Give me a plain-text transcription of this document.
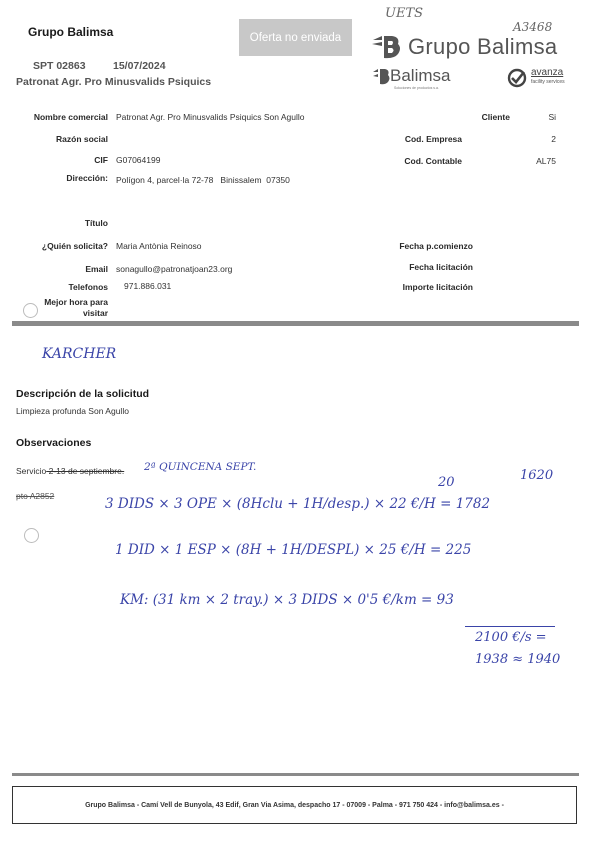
Grupo Balimsa	Oferta no enviada
SPT 02863	15/07/2024
Patronat Agr. Pro Minusvalids Psiquics
UETS
A3468
Grupo Balimsa
Balimsa
Soluciones de productos s.a.
avanza
facility services
Nombre comercial Patronat Agr. Pro Minusvalids Psiquics Son Agullo
Razón social
CIF G07064199
Dirección: Polígon 4, parcel·la 72-78   Binissalem  07350
Título
¿Quién solicita? Maria Antònia Reinoso
Email sonagullo@patronatjoan23.org
Telefonos 971.886.031
Mejor hora para
visitar
Cliente	Si
Cod. Empresa	2
Cod. Contable	AL75
Fecha p.comienzo
Fecha licitación
Importe licitación
KARCHER
Descripción de la solicitud
Limpieza profunda Son Agullo
Observaciones
Servicio 2-13 de septiembre. 2ª QUINCENA SEPT.
pto A2852
20	1620
3 DIDS × 3 OPE × (8Hclu + 1H/desp.) × 22 €/H = 1782
1 DID × 1 ESP × (8H + 1H/DESPL) × 25 €/H = 225
KM: (31 km × 2 tray.) × 3 DIDS × 0'5 €/km = 93
2100 €/s =
1938 ≈ 1940
Grupo Balimsa - Camí Vell de Bunyola, 43 Edif, Gran Via Asima, despacho 17 - 07009 - Palma - 971 750 424 - info@balimsa.es -
